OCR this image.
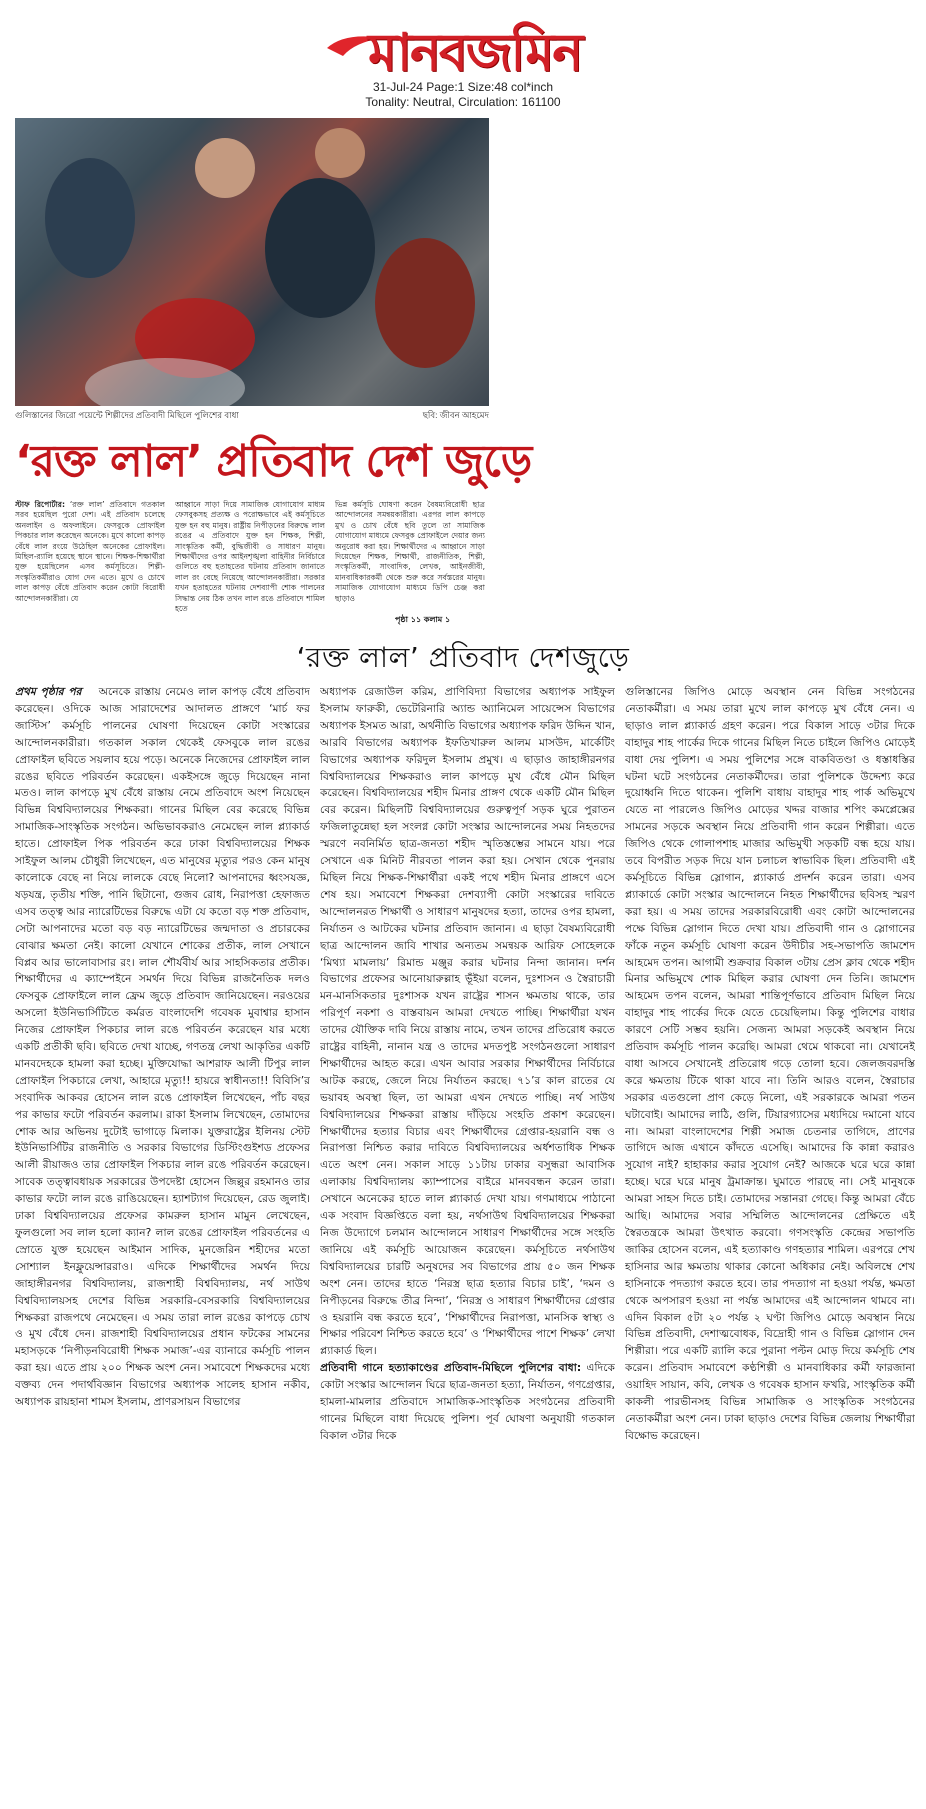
মানবজমিন
31-Jul-24 Page:1 Size:48 col*inch
Tonality: Neutral, Circulation: 161100
গুলিস্তানের জিরো পয়েন্টে শিল্পীদের প্রতিবাদী মিছিলে পুলিশের বাধা	ছবি: জীবন আহমেদ
‘রক্ত লাল’ প্রতিবাদ দেশ জুড়ে
স্টাফ রিপোর্টার: ‘রক্ত লাল’ প্রতিবাদে গতকাল সরব হয়েছিল পুরো দেশ। এই প্রতিবাদ চলেছে অনলাইন ও অফলাইনে। ফেসবুকে প্রোফাইল পিকচার লাল করেছেন অনেকে। মুখে কালো কাপড় বেঁধে লাল রংয়ে উঠেছিল অনেকের প্রোফাইল। মিছিল-র‌্যালি হয়েছে স্থানে স্থানে। শিক্ষক-শিক্ষার্থীরা যুক্ত হয়েছিলেন এসব কর্মসূচিতে। শিল্পী-সংস্কৃতিকর্মীরাও যোগ দেন এতে। মুখে ও চোখে লাল কাপড় বেঁধে প্রতিবাদ করেন কোটা বিরোধী আন্দোলনকারীরা। যে
আহ্বানে সাড়া দিয়ে সামাজিক যোগাযোগ মাধ্যম ফেসবুকসহ প্রত্যক্ষ ও পরোক্ষভাবে এই কর্মসূচিতে যুক্ত হন বহু মানুষ। রাষ্ট্রীয় নিপীড়নের বিরুদ্ধে লাল রঙের এ প্রতিবাদে যুক্ত হন শিক্ষক, শিল্পী, সাংস্কৃতিক কর্মী, বুদ্ধিজীবী ও সাধারণ মানুষ। শিক্ষার্থীদের ওপর আইনশৃঙ্খলা বাহিনীর নির্বিচারে গুলিতে বহু হতাহতের ঘটনায় প্রতিবাদ জানাতে লাল রং বেছে নিয়েছে আন্দোলনকারীরা। সরকার যখন হতাহতের ঘটনায় দেশব্যাপী শোক পালনের সিদ্ধান্ত নেয় ঠিক তখন লাল রঙে প্রতিবাদে শামিল হতে
ভিন্ন কর্মসূচি ঘোষণা করেন বৈষম্যবিরোধী ছাত্র আন্দোলনের সমন্বয়কারীরা। এরপর লাল কাপড়ে মুখ ও চোখ বেঁধে ছবি তুলে তা সামাজিক যোগাযোগ মাধ্যমে ফেসবুক প্রোফাইলে দেয়ার জন্য অনুরোধ করা হয়। শিক্ষার্থীদের এ আহ্বানে সাড়া দিয়েছেন শিক্ষক, শিক্ষার্থী, রাজনীতিক, শিল্পী, সংস্কৃতিকর্মী, সাংবাদিক, লেখক, আইনজীবী, মানবাধিকারকর্মী থেকে শুরু করে সর্বস্তরের মানুষ। সামাজিক যোগাযোগ মাধ্যমে ডিপি চেঞ্জ করা ছাড়াও
পৃষ্ঠা ১১ কলাম ১
‘রক্ত লাল’ প্রতিবাদ দেশজুড়ে

প্রথম পৃষ্ঠার পর অনেকে রাস্তায় নেমেও লাল কাপড় বেঁধে প্রতিবাদ করেছেন। ওদিকে আজ সারাদেশের আদালত প্রাঙ্গণে ‘মার্চ ফর জাস্টিস’ কর্মসূচি পালনের ঘোষণা দিয়েছেন কোটা সংস্কারের আন্দোলনকারীরা। গতকাল সকাল থেকেই ফেসবুকে লাল রঙের প্রোফাইল ছবিতে সয়লাব হয়ে পড়ে। অনেকে নিজেদের প্রোফাইল লাল রঙের ছবিতে পরিবর্তন করেছেন। একইসঙ্গে জুড়ে দিয়েছেন নানা মতও। লাল কাপড়ে মুখ বেঁধে রাস্তায় নেমে প্রতিবাদে অংশ নিয়েছেন বিভিন্ন বিশ্ববিদ্যালয়ের শিক্ষকরা। গানের মিছিল বের করেছে বিভিন্ন সামাজিক-সাংস্কৃতিক সংগঠন। অভিভাবকরাও নেমেছেন লাল প্ল্যাকার্ড হাতে। প্রোফাইল পিক পরিবর্তন করে ঢাকা বিশ্ববিদ্যালয়ের শিক্ষক সাইফুল আলম চৌধুরী লিখেছেন, এত মানুষের মৃত্যুর পরও কেন মানুষ কালোকে বেছে না নিয়ে লালকে বেছে নিলো? আপনাদের ধ্বংসযজ্ঞ, ষড়যন্ত্র, তৃতীয় শক্তি, পানি ছিটানো, গুজব রোধ, নিরাপত্তা হেফাজত এসব তত্ত্ব আর ন্যারেটিভের বিরুদ্ধে এটা যে কতো বড় শক্ত প্রতিবাদ, সেটা আপনাদের মতো বড় বড় ন্যারেটিভের জন্মদাতা ও প্রচারকের বোঝার ক্ষমতা নেই। কালো যেখানে শোকের প্রতীক, লাল সেখানে বিপ্লব আর ভালোবাসার রং। লাল শৌর্যবীর্য আর সাহসিকতার প্রতীক। শিক্ষার্থীদের এ ক্যাম্পেইনে সমর্থন দিয়ে বিভিন্ন রাজনৈতিক দলও ফেসবুক প্রোফাইলে লাল ফ্রেম জুড়ে প্রতিবাদ জানিয়েছেন। নরওয়ের অসলো ইউনিভার্সিটিতে কর্মরত বাংলাদেশি গবেষক মুবাশ্বার হাসান নিজের প্রোফাইল পিকচার লাল রঙে পরিবর্তন করেছেন যার মধ্যে একটি প্রতীকী ছবি। ছবিতে দেখা যাচ্ছে, গণতন্ত্র লেখা আকৃতির একটি মানবদেহকে হামলা করা হচ্ছে। মুক্তিযোদ্ধা আশরাফ আলী টিপুর লাল প্রোফাইল পিকচারে লেখা, আহারে মৃত্যু!! হায়রে স্বাধীনতা!! বিবিসি’র সংবাদিক আকবর হোসেন লাল রঙে প্রোফাইল লিখেছেন, পাঁচ বছর পর কাভার ফটো পরিবর্তন করলাম। রাকা ইসলাম লিখেছেন, তোমাদের শোক আর অভিনয় দুটোই ভাগাড়ে মিলাক। যুক্তরাষ্ট্রের ইলিনয় স্টেট ইউনিভার্সিটির রাজনীতি ও সরকার বিভাগের ডিস্টিংগুইশড প্রফেসর আলী রীয়াজও তার প্রোফাইল পিকচার লাল রঙে পরিবর্তন করেছেন। সাবেক তত্ত্বাবধায়ক সরকারের উপদেষ্টা হোসেন জিল্লুর রহমানও তার কাভার ফটো লাল রঙে রাঙিয়েছেন। হ্যাশট্যাগ দিয়েছেন, রেড জুলাই। ঢাকা বিশ্ববিদ্যালয়ের প্রফেসর কামরুল হাসান মামুন লেখেছেন, ফুলগুলো সব লাল হলো ক্যান? লাল রঙের প্রোফাইল পরিবর্তনের এ স্রোতে যুক্ত হয়েছেন আইমান সাদিক, মুনজেরিন শহীদের মতো সোশ্যাল ইনফ্লুয়েন্সাররাও। এদিকে শিক্ষার্থীদের সমর্থন দিয়ে জাহাঙ্গীরনগর বিশ্ববিদ্যালয়, রাজশাহী বিশ্ববিদ্যালয়, নর্থ সাউথ বিশ্ববিদ্যালয়সহ দেশের বিভিন্ন সরকারি-বেসরকারি বিশ্ববিদ্যালয়ের শিক্ষকরা রাজপথে নেমেছেন। এ সময় তারা লাল রঙের কাপড়ে চোখ ও মুখ বেঁধে দেন। রাজশাহী বিশ্ববিদ্যালয়ের প্রধান ফটকের সামনের মহাসড়কে ‘নিপীড়নবিরোধী শিক্ষক সমাজ’-এর ব্যানারে কর্মসূচি পালন করা হয়। এতে প্রায় ২০০ শিক্ষক অংশ নেন। সমাবেশে শিক্ষকদের মধ্যে বক্তব্য দেন পদার্থবিজ্ঞান বিভাগের অধ্যাপক সালেহ হাসান নকীব, অধ্যাপক রায়হানা শামস ইসলাম, প্রাণরসায়ন বিভাগের

অধ্যাপক রেজাউল করিম, প্রাণিবিদ্যা বিভাগের অধ্যাপক সাইফুল ইসলাম ফারুকী, ভেটেরিনারি অ্যান্ড অ্যানিমেল সায়েন্সেস বিভাগের অধ্যাপক ইসমত আরা, অর্থনীতি বিভাগের অধ্যাপক ফরিদ উদ্দিন খান, আরবি বিভাগের অধ্যাপক ইফতিখারুল আলম মাসউদ, মার্কেটিং বিভাগের অধ্যাপক ফরিদুল ইসলাম প্রমুখ। এ ছাড়াও জাহাঙ্গীরনগর বিশ্ববিদ্যালয়ের শিক্ষকরাও লাল কাপড়ে মুখ বেঁধে মৌন মিছিল করেছেন। বিশ্ববিদ্যালয়ের শহীদ মিনার প্রাঙ্গণ থেকে একটি মৌন মিছিল বের করেন। মিছিলটি বিশ্ববিদ্যালয়ের গুরুত্বপূর্ণ সড়ক ঘুরে পুরাতন ফজিলাতুন্নেছা হল সংলগ্ন কোটা সংস্কার আন্দোলনের সময় নিহতদের স্মরণে নবনির্মিত ছাত্র-জনতা শহীদ স্মৃতিস্তম্ভের সামনে যায়। পরে সেখানে এক মিনিট নীরবতা পালন করা হয়। সেখান থেকে পুনরায় মিছিল নিয়ে শিক্ষক-শিক্ষার্থীরা একই পথে শহীদ মিনার প্রাঙ্গণে এসে শেষ হয়। সমাবেশে শিক্ষকরা দেশব্যাপী কোটা সংস্কারের দাবিতে আন্দোলনরত শিক্ষার্থী ও সাধারণ মানুষদের হত্যা, তাদের ওপর হামলা, নির্যাতন ও আটকের ঘটনার প্রতিবাদ জানান। এ ছাড়া বৈষম্যবিরোধী ছাত্র আন্দোলন জাবি শাখার অন্যতম সমন্বয়ক আরিফ সোহেলকে ‘মিথ্যা মামলায়’ রিমান্ড মঞ্জুর করার ঘটনার নিন্দা জানান। দর্শন বিভাগের প্রফেসর আনোয়ারুল্লাহ ভূঁইয়া বলেন, দুঃশাসন ও স্বৈরাচারী মন-মানসিকতার দুঃশাসক যখন রাষ্ট্রের শাসন ক্ষমতায় থাকে, তার পরিপূর্ণ নকশা ও বাস্তবায়ন আমরা দেখতে পাচ্ছি। শিক্ষার্থীরা যখন তাদের যৌক্তিক দাবি নিয়ে রাস্তায় নামে, তখন তাদের প্রতিরোধ করতে রাষ্ট্রের বাহিনী, নানান যন্ত্র ও তাদের মদতপুষ্ট সংগঠনগুলো সাধারণ শিক্ষার্থীদের আহত করে। এখন আবার সরকার শিক্ষার্থীদের নির্বিচারে আটক করছে, জেলে নিয়ে নির্যাতন করছে। ৭১’র কাল রাতের যে ভয়াবহ অবস্থা ছিল, তা আমরা এখন দেখতে পাচ্ছি। নর্থ সাউথ বিশ্ববিদ্যালয়ের শিক্ষকরা রাস্তায় দাঁড়িয়ে সংহতি প্রকাশ করেছেন। শিক্ষার্থীদের হত্যার বিচার এবং শিক্ষার্থীদের গ্রেপ্তার-হয়রানি বন্ধ ও নিরাপত্তা নিশ্চিত করার দাবিতে বিশ্ববিদ্যালয়ের অর্ধশতাধিক শিক্ষক এতে অংশ নেন। সকাল সাড়ে ১১টায় ঢাকার বসুন্ধরা আবাসিক এলাকায় বিশ্ববিদ্যালয় ক্যাম্পাসের বাইরে মানববন্ধন করেন তারা। সেখানে অনেকের হাতে লাল প্ল্যাকার্ড দেখা যায়। গণমাধ্যমে পাঠানো এক সংবাদ বিজ্ঞপ্তিতে বলা হয়, নর্থসাউথ বিশ্ববিদ্যালয়ের শিক্ষকরা নিজ উদ্যোগে চলমান আন্দোলনে সাধারণ শিক্ষার্থীদের সঙ্গে সংহতি জানিয়ে এই কর্মসূচি আয়োজন করেছেন। কর্মসূচিতে নর্থসাউথ বিশ্ববিদ্যালয়ের চারটি অনুষদের সব বিভাগের প্রায় ৫০ জন শিক্ষক অংশ নেন। তাদের হাতে ‘নিরস্ত্র ছাত্র হত্যার বিচার চাই’, ‘দমন ও নিপীড়নের বিরুদ্ধে তীব্র নিন্দা’, ‘নিরস্ত্র ও সাধারণ শিক্ষার্থীদের গ্রেপ্তার ও হয়রানি বন্ধ করতে হবে’, ‘শিক্ষার্থীদের নিরাপত্তা, মানসিক স্বাস্থ্য ও শিক্ষার পরিবেশ নিশ্চিত করতে হবে’ ও ‘শিক্ষার্থীদের পাশে শিক্ষক’ লেখা প্ল্যাকার্ড ছিল।

প্রতিবাদী গানে হত্যাকাণ্ডের প্রতিবাদ-মিছিলে পুলিশের বাধা: এদিকে কোটা সংস্কার আন্দোলন ঘিরে ছাত্র-জনতা হত্যা, নির্যাতন, গণগ্রেপ্তার, হামলা-মামলার প্রতিবাদে সামাজিক-সাংস্কৃতিক সংগঠনের প্রতিবাদী গানের মিছিলে বাধা দিয়েছে পুলিশ। পূর্ব ঘোষণা অনুযায়ী গতকাল বিকাল ৩টার দিকে

গুলিস্তানের জিপিও মোড়ে অবস্থান নেন বিভিন্ন সংগঠনের নেতাকর্মীরা। এ সময় তারা মুখে লাল কাপড়ে মুখ বেঁধে নেন। এ ছাড়াও লাল প্ল্যাকার্ড গ্রহণ করেন। পরে বিকাল সাড়ে ৩টার দিকে বাহাদুর শাহ পার্কের দিকে গানের মিছিল নিতে চাইলে জিপিও মোড়েই বাধা দেয় পুলিশ। এ সময় পুলিশের সঙ্গে বাকবিতণ্ডা ও ধস্তাধস্তির ঘটনা ঘটে সংগঠনের নেতাকর্মীদের। তারা পুলিশকে উদ্দেশ্য করে দুয়োধ্বনি দিতে থাকেন। পুলিশি বাধায় বাহাদুর শাহ পার্ক অভিমুখে যেতে না পারলেও জিপিও মোড়ের খদ্দর বাজার শপিং কমপ্লেক্সের সামনের সড়কে অবস্থান নিয়ে প্রতিবাদী গান করেন শিল্পীরা। এতে জিপিও থেকে গোলাপশাহ মাজার অভিমুখী সড়কটি বন্ধ হয়ে যায়। তবে বিপরীত সড়ক দিয়ে যান চলাচল স্বাভাবিক ছিল। প্রতিবাদী এই কর্মসূচিতে বিভিন্ন স্লোগান, প্ল্যাকার্ড প্রদর্শন করেন তারা। এসব প্ল্যাকার্ডে কোটা সংস্কার আন্দোলনে নিহত শিক্ষার্থীদের ছবিসহ স্মরণ করা হয়। এ সময় তাদের সরকারবিরোধী এবং কোটা আন্দোলনের পক্ষে বিভিন্ন স্লোগান দিতে দেখা যায়। প্রতিবাদী গান ও স্লোগানের ফাঁকে নতুন কর্মসূচি ঘোষণা করেন উদীচীর সহ-সভাপতি জামশেদ আহমেদ তপন। আগামী শুক্রবার বিকাল ৩টায় প্রেস ক্লাব থেকে শহীদ মিনার অভিমুখে শোক মিছিল করার ঘোষণা দেন তিনি। জামশেদ আহমেদ তপন বলেন, আমরা শান্তিপূর্ণভাবে প্রতিবাদ মিছিল নিয়ে বাহাদুর শাহ পার্কের দিকে যেতে চেয়েছিলাম। কিন্তু পুলিশের বাধার কারণে সেটি সম্ভব হয়নি। সেজন্য আমরা সড়কেই অবস্থান নিয়ে প্রতিবাদ কর্মসূচি পালন করেছি। আমরা থেমে থাকবো না। যেখানেই বাধা আসবে সেখানেই প্রতিরোধ গড়ে তোলা হবে। জেলজবরদস্তি করে ক্ষমতায় টিকে থাকা যাবে না। তিনি আরও বলেন, স্বৈরাচার সরকার এতগুলো প্রাণ কেড়ে নিলো, এই সরকারকে আমরা পতন ঘটাবোই। আমাদের লাঠি, গুলি, টিয়ারগ্যাসের মধ্যদিয়ে দমানো যাবে না। আমরা বাংলাদেশের শিল্পী সমাজ চেতনার তাগিদে, প্রাণের তাগিদে আজ এখানে কাঁদতে এসেছি। আমাদের কি কান্না করারও সুযোগ নাই? হাহাকার করার সুযোগ নেই? আজকে ঘরে ঘরে কান্না হচ্ছে। ঘরে ঘরে মানুষ ট্রমাক্রান্ত। ঘুমাতে পারছে না। সেই মানুষকে আমরা সাহস দিতে চাই। তোমাদের সন্তানরা গেছে। কিন্তু আমরা বেঁচে আছি। আমাদের সবার সম্মিলিত আন্দোলনের প্রেক্ষিতে এই স্বৈরতন্ত্রকে আমরা উৎখাত করবো। গণসংস্কৃতি কেন্দ্রের সভাপতি জাকির হোসেন বলেন, এই হত্যাকাণ্ড গণহত্যার শামিল। এরপরে শেখ হাসিনার আর ক্ষমতায় থাকার কোনো অধিকার নেই। অবিলম্বে শেখ হাসিনাকে পদত্যাগ করতে হবে। তার পদত্যাগ না হওয়া পর্যন্ত, ক্ষমতা থেকে অপসারণ হওয়া না পর্যন্ত আমাদের এই আন্দোলন থামবে না। এদিন বিকাল ৫টা ২০ পর্যন্ত ২ ঘণ্টা জিপিও মোড়ে অবস্থান নিয়ে বিভিন্ন প্রতিবাদী, দেশাত্মবোধক, বিদ্রোহী গান ও বিভিন্ন স্লোগান দেন শিল্পীরা। পরে একটি র‌্যালি করে পুরানা পল্টন মোড় দিয়ে কর্মসূচি শেষ করেন। প্রতিবাদ সমাবেশে কণ্ঠশিল্পী ও মানবাধিকার কর্মী ফারজানা ওয়াহিদ সায়ান, কবি, লেখক ও গবেষক হাসান ফখরি, সাংস্কৃতিক কর্মী কাকলী পারভীনসহ বিভিন্ন সামাজিক ও সাংস্কৃতিক সংগঠনের নেতাকর্মীরা অংশ নেন। ঢাকা ছাড়াও দেশের বিভিন্ন জেলায় শিক্ষার্থীরা বিক্ষোভ করেছেন।
